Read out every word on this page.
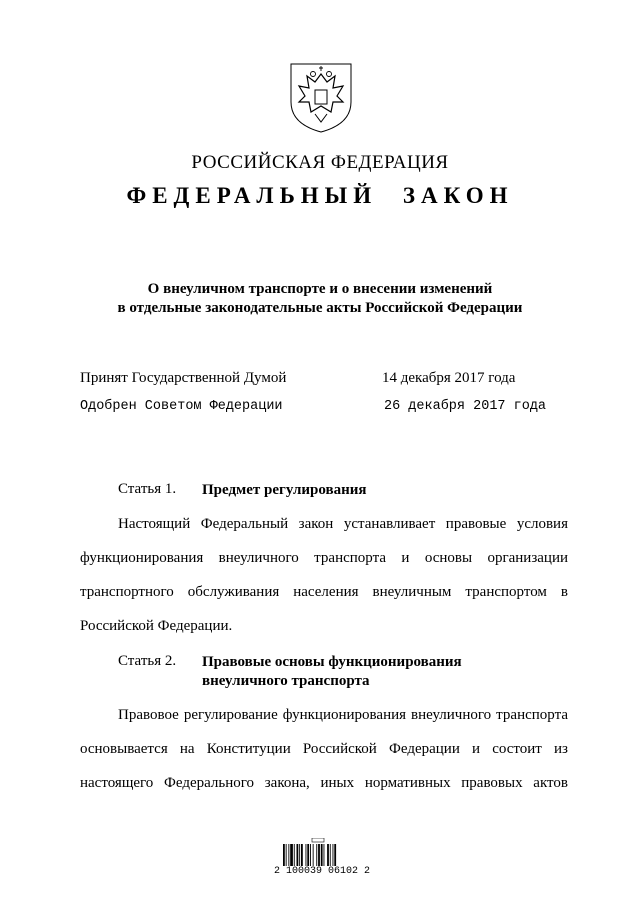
РОССИЙСКАЯ ФЕДЕРАЦИЯ
ФЕДЕРАЛЬНЫЙ ЗАКОН
О внеуличном транспорте и о внесении изменений
в отдельные законодательные акты Российской Федерации
Принят Государственной Думой	14 декабря 2017 года
Одобрен Советом Федерации	26 декабря 2017 года
Статья 1. Предмет регулирования
Настоящий Федеральный закон устанавливает правовые условия
функционирования внеуличного транспорта и основы организации
транспортного обслуживания населения внеуличным транспортом в
Российской Федерации.
Статья 2. Правовые основы функционирования
внеуличного транспорта
Правовое регулирование функционирования внеуличного транспорта
основывается на Конституции Российской Федерации и состоит из
настоящего Федерального закона, иных нормативных правовых актов
2 100039 06102 2
